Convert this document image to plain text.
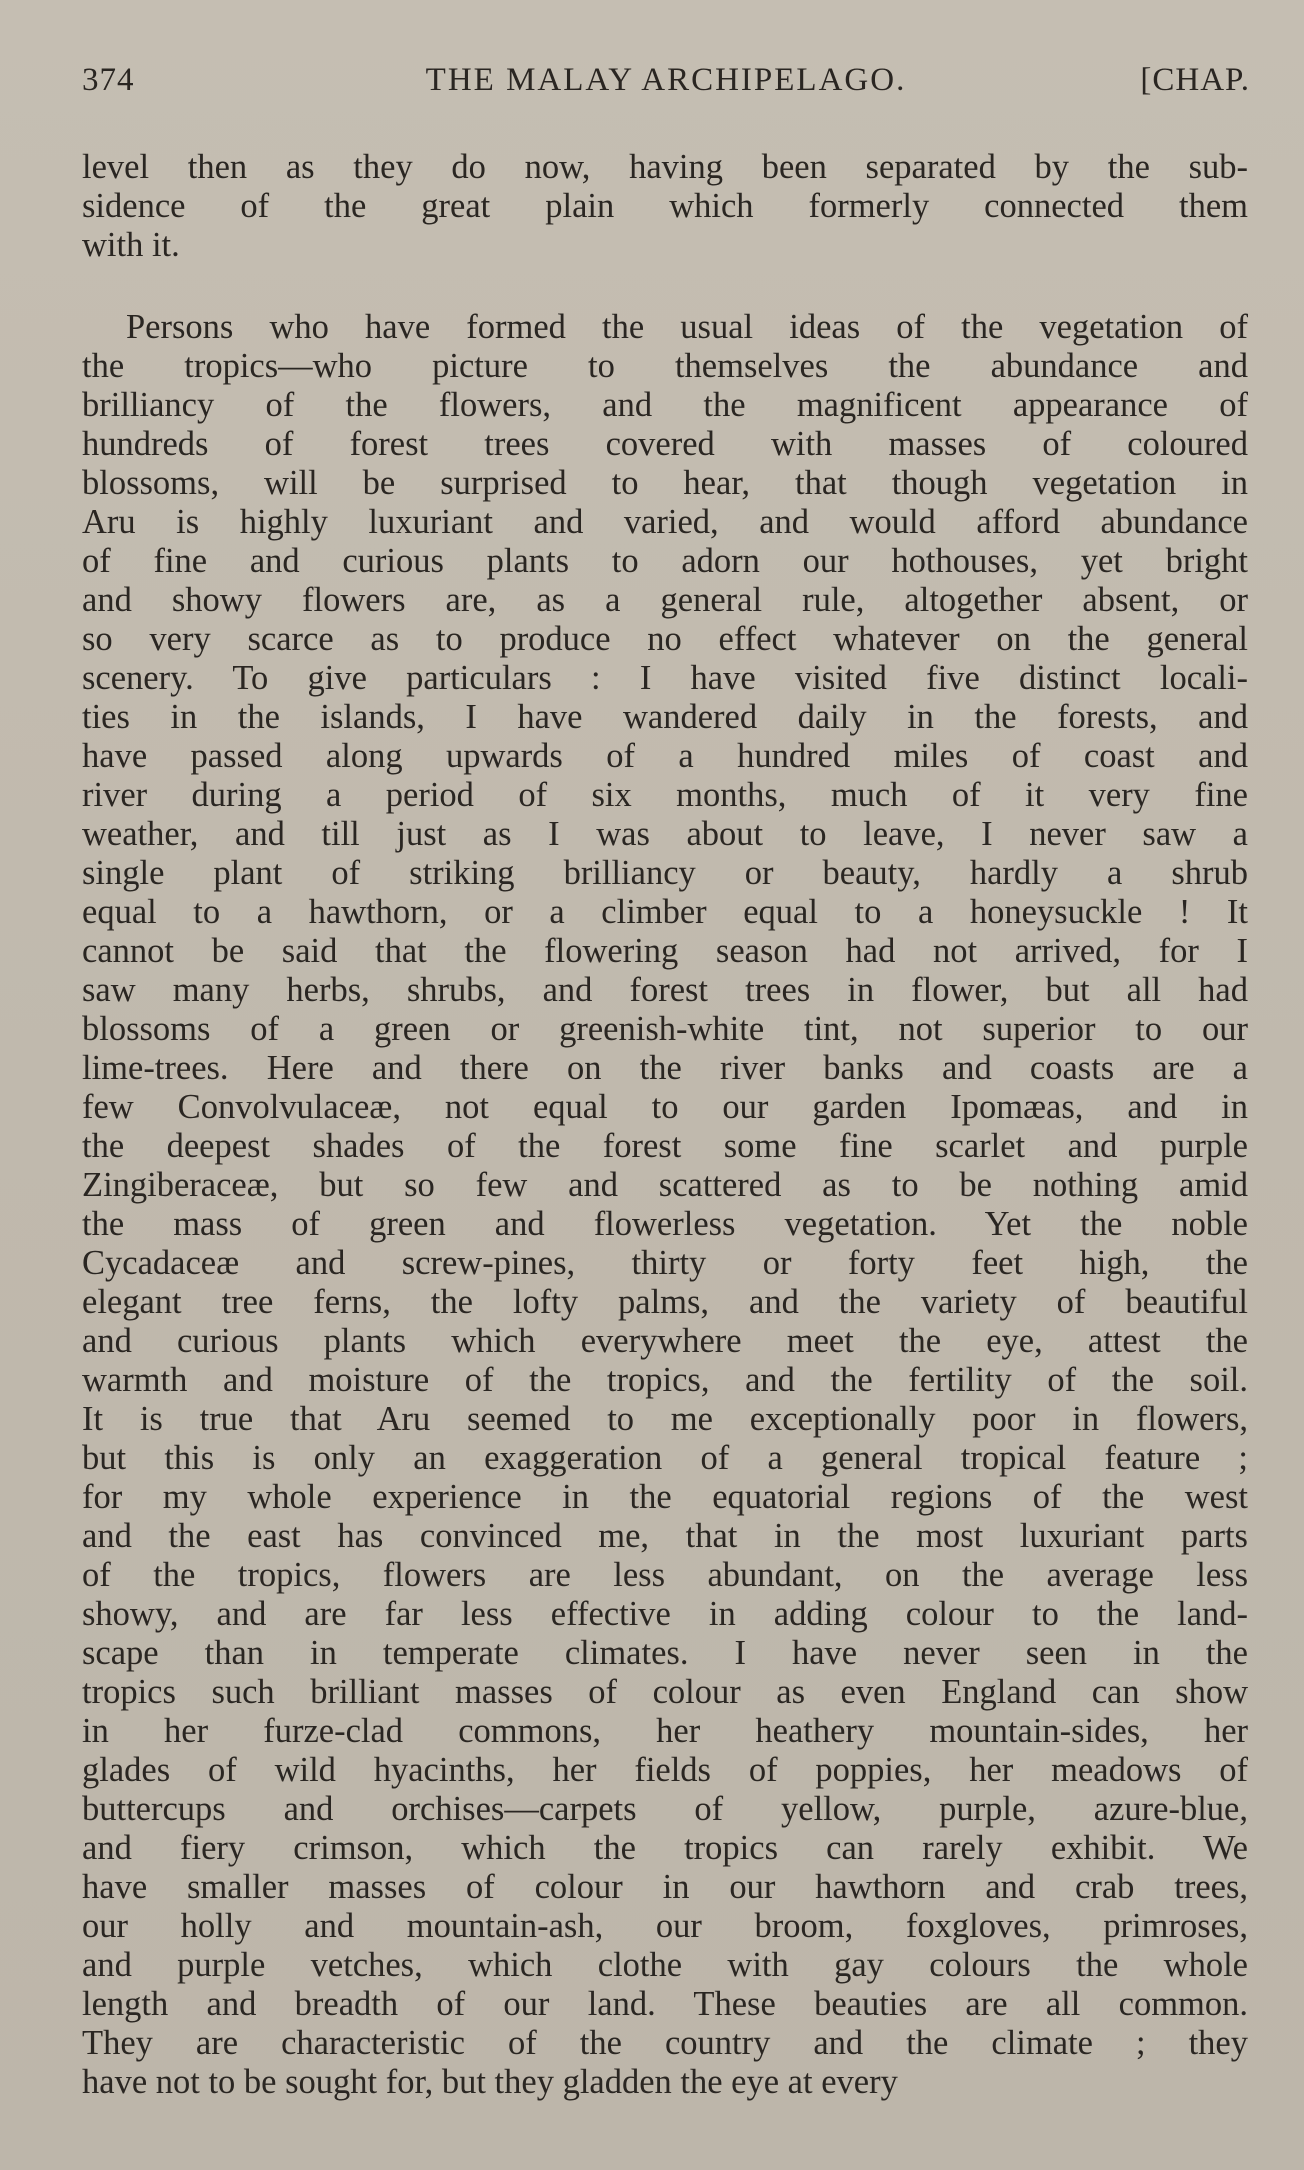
374	THE MALAY ARCHIPELAGO.	[CHAP.
level then as they do now, having been separated by the sub-
sidence of the great plain which formerly connected them
with it.
Persons who have formed the usual ideas of the vegetation of
the tropics—who picture to themselves the abundance and
brilliancy of the flowers, and the magnificent appearance of
hundreds of forest trees covered with masses of coloured
blossoms, will be surprised to hear, that though vegetation in
Aru is highly luxuriant and varied, and would afford abundance
of fine and curious plants to adorn our hothouses, yet bright
and showy flowers are, as a general rule, altogether absent, or
so very scarce as to produce no effect whatever on the general
scenery. To give particulars : I have visited five distinct locali-
ties in the islands, I have wandered daily in the forests, and
have passed along upwards of a hundred miles of coast and
river during a period of six months, much of it very fine
weather, and till just as I was about to leave, I never saw a
single plant of striking brilliancy or beauty, hardly a shrub
equal to a hawthorn, or a climber equal to a honeysuckle ! It
cannot be said that the flowering season had not arrived, for I
saw many herbs, shrubs, and forest trees in flower, but all had
blossoms of a green or greenish-white tint, not superior to our
lime-trees. Here and there on the river banks and coasts are a
few Convolvulaceæ, not equal to our garden Ipomæas, and in
the deepest shades of the forest some fine scarlet and purple
Zingiberaceæ, but so few and scattered as to be nothing amid
the mass of green and flowerless vegetation. Yet the noble
Cycadaceæ and screw-pines, thirty or forty feet high, the
elegant tree ferns, the lofty palms, and the variety of beautiful
and curious plants which everywhere meet the eye, attest the
warmth and moisture of the tropics, and the fertility of the soil.
It is true that Aru seemed to me exceptionally poor in flowers,
but this is only an exaggeration of a general tropical feature ;
for my whole experience in the equatorial regions of the west
and the east has convinced me, that in the most luxuriant parts
of the tropics, flowers are less abundant, on the average less
showy, and are far less effective in adding colour to the land-
scape than in temperate climates. I have never seen in the
tropics such brilliant masses of colour as even England can show
in her furze-clad commons, her heathery mountain-sides, her
glades of wild hyacinths, her fields of poppies, her meadows of
buttercups and orchises—carpets of yellow, purple, azure-blue,
and fiery crimson, which the tropics can rarely exhibit. We
have smaller masses of colour in our hawthorn and crab trees,
our holly and mountain-ash, our broom, foxgloves, primroses,
and purple vetches, which clothe with gay colours the whole
length and breadth of our land. These beauties are all common.
They are characteristic of the country and the climate ; they
have not to be sought for, but they gladden the eye at every
